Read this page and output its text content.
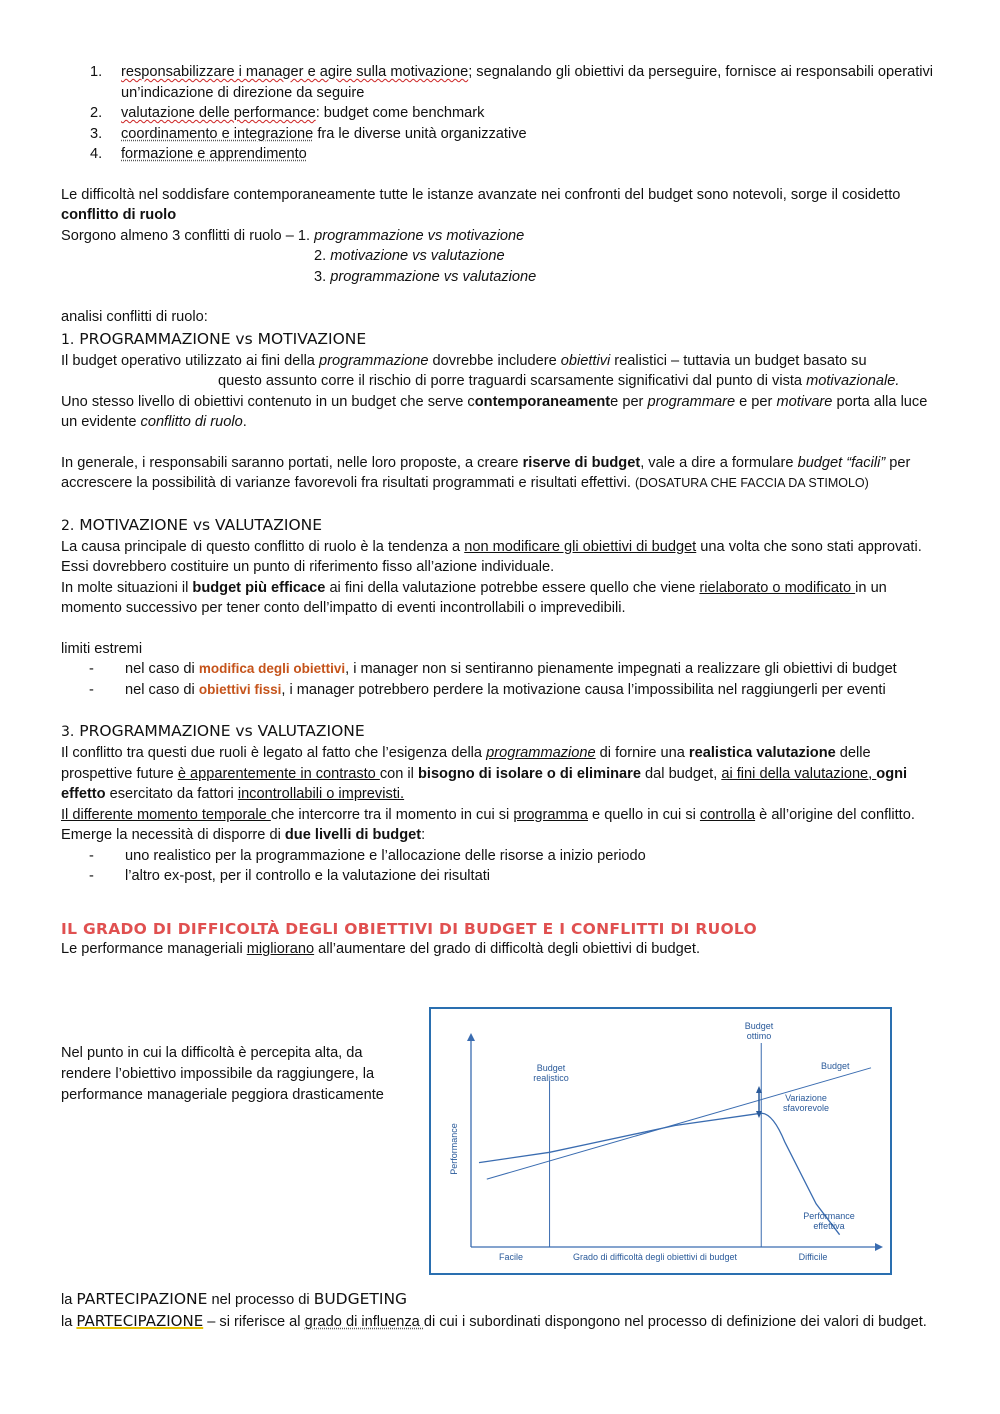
1. responsabilizzare i manager e agire sulla motivazione; segnalando gli obiettivi da perseguire, fornisce ai responsabili operativi un’indicazione di direzione da seguire
2. valutazione delle performance: budget come benchmark
3. coordinamento e integrazione fra le diverse unità organizzative
4. formazione e apprendimento

Le difficoltà nel soddisfare contemporaneamente tutte le istanze avanzate nei confronti del budget sono notevoli, sorge il cosidetto conflitto di ruolo

Sorgono almeno 3 conflitti di ruolo – 1. programmazione vs motivazione

2. motivazione vs valutazione

3. programmazione vs valutazione

analisi conflitti di ruolo:

1. PROGRAMMAZIONE vs MOTIVAZIONE

Il budget operativo utilizzato ai fini della programmazione dovrebbe includere obiettivi realistici – tuttavia un budget basato su

questo assunto corre il rischio di porre traguardi scarsamente significativi dal punto di vista motivazionale.

Uno stesso livello di obiettivi contenuto in un budget che serve contemporaneamente per programmare e per motivare porta alla luce un evidente conflitto di ruolo.

In generale, i responsabili saranno portati, nelle loro proposte, a creare riserve di budget, vale a dire a formulare budget “facili” per accrescere la possibilità di varianze favorevoli fra risultati programmati e risultati effettivi. (DOSATURA CHE FACCIA DA STIMOLO)

2. MOTIVAZIONE vs VALUTAZIONE

La causa principale di questo conflitto di ruolo è la tendenza a non modificare gli obiettivi di budget una volta che sono stati approvati.

Essi dovrebbero costituire un punto di riferimento fisso all’azione individuale.

In molte situazioni il budget più efficace ai fini della valutazione potrebbe essere quello che viene rielaborato o modificato in un momento successivo per tener conto dell’impatto di eventi incontrollabili o imprevedibili.

limiti estremi

- nel caso di modifica degli obiettivi, i manager non si sentiranno pienamente impegnati a realizzare gli obiettivi di budget
- nel caso di obiettivi fissi, i manager potrebbero perdere la motivazione causa l’impossibilita nel raggiungerli per eventi

3. PROGRAMMAZIONE vs VALUTAZIONE

Il conflitto tra questi due ruoli è legato al fatto che l’esigenza della programmazione di fornire una realistica valutazione delle prospettive future è apparentemente in contrasto con il bisogno di isolare o di eliminare dal budget, ai fini della valutazione, ogni effetto esercitato da fattori incontrollabili o imprevisti.

Il differente momento temporale che intercorre tra il momento in cui si programma e quello in cui si controlla è all’origine del conflitto.

Emerge la necessità di disporre di due livelli di budget:

- uno realistico per la programmazione e l’allocazione delle risorse a inizio periodo
- l’altro ex-post, per il controllo e la valutazione dei risultati

IL GRADO DI DIFFICOLTÀ DEGLI OBIETTIVI DI BUDGET E I CONFLITTI DI RUOLO

Le performance manageriali migliorano all’aumentare del grado di difficoltà degli obiettivi di budget.

Nel punto in cui la difficoltà è percepita alta, da rendere l’obiettivo impossibile da raggiungere, la performance manageriale peggiora drasticamente

Performance
Facile	Grado di difficoltà degli obiettivi di budget	Difficile
Budget
realistico
Budget
ottimo
Budget
Variazione
sfavorevole
Performance
effettiva

la PARTECIPAZIONE nel processo di BUDGETING

la PARTECIPAZIONE – si riferisce al grado di influenza di cui i subordinati dispongono nel processo di definizione dei valori di budget.
